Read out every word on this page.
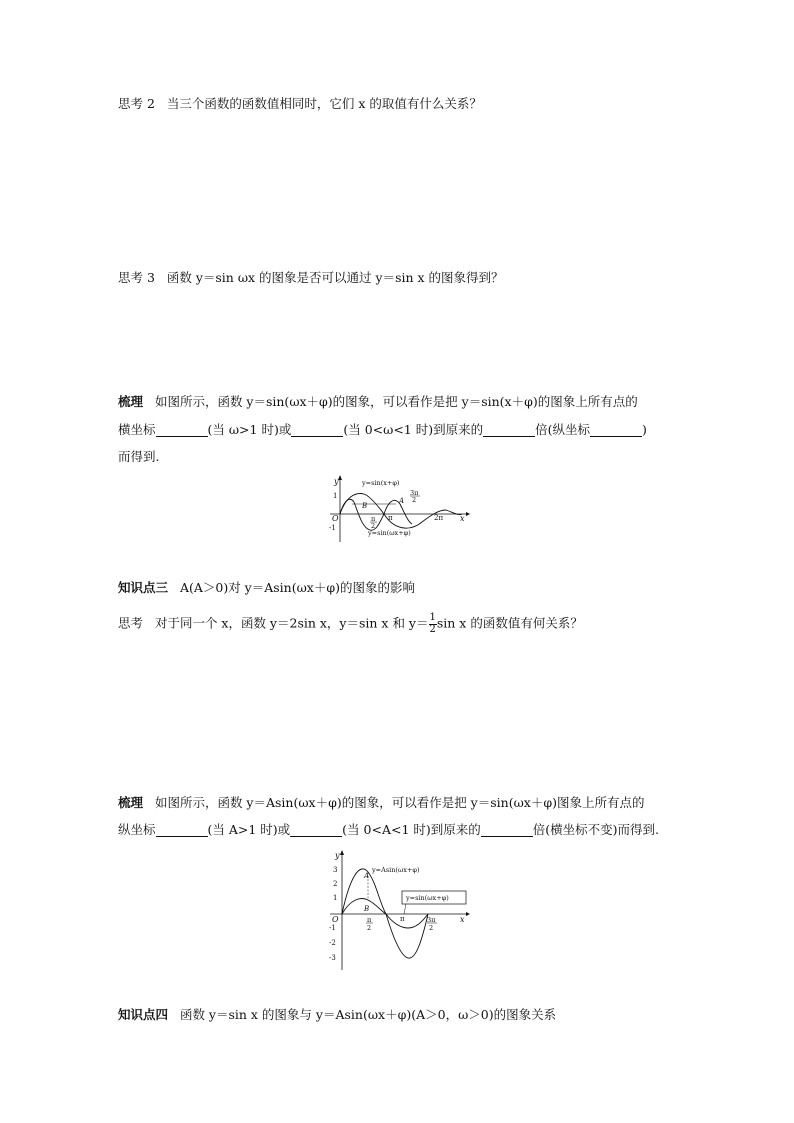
思考 2 当三个函数的函数值相同时，它们 x 的取值有什么关系？
思考 3 函数 y＝sin ωx 的图象是否可以通过 y＝sin x 的图象得到？
梳理 如图所示，函数 y＝sin(ωx＋φ)的图象，可以看作是把 y＝sin(x＋φ)的图象上所有点的
横坐标	(当 ω>1 时)或	(当 0<ω<1 时)到原来的	倍(纵坐标	)
而得到.
y
x
O
1
-1
y=sin(x+φ)
y=sin(ωx+φ)
B
A
π
2
π
3π
2
2π
知识点三 A(A＞0)对 y＝Asin(ωx＋φ)的图象的影响
思考 对于同一个 x，函数 y＝2sin x，y＝sin x 和 $y= \frac{1}{2}$ sin x 的函数值有何关系？
梳理 如图所示，函数 y＝Asin(ωx＋φ)的图象，可以看作是把 y＝sin(ωx＋φ)图象上所有点的
纵坐标	(当 A>1 时)或	(当 0<A<1 时)到原来的	倍(横坐标不变)而得到.
y
x
O
3
2
1
-1
-2
-3
y=Asin(ωx+φ)
y=sin(ωx+φ)
A
B
π
2
π	3π
2
知识点四 函数 y＝sin x 的图象与 y＝Asin(ωx＋φ)(A＞0，ω＞0)的图象关系
